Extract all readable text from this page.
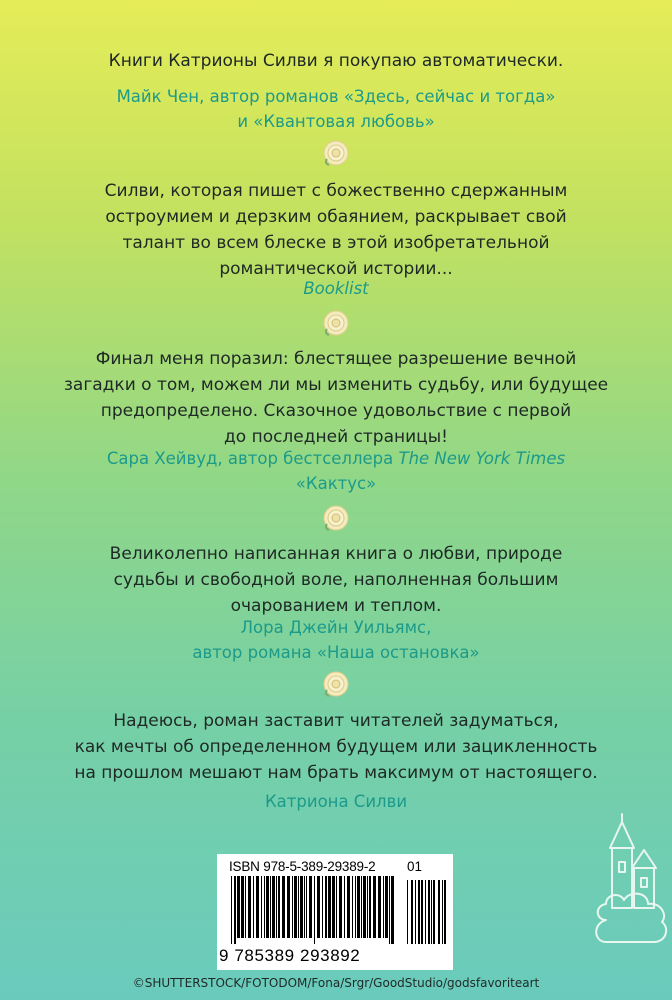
Книги Катрионы Силви я покупаю автоматически.
Майк Чен, автор романов «Здесь, сейчас и тогда»
и «Квантовая любовь»
Силви, которая пишет с божественно сдержанным
остроумием и дерзким обаянием, раскрывает свой
талант во всем блеске в этой изобретательной
романтической истории...
Booklist
Финал меня поразил: блестящее разрешение вечной
загадки о том, можем ли мы изменить судьбу, или будущее
предопределено. Сказочное удовольствие с первой
до последней страницы!
Сара Хейвуд, автор бестселлера The New York Times
«Кактус»
Великолепно написанная книга о любви, природе
судьбы и свободной воле, наполненная большим
очарованием и теплом.
Лора Джейн Уильямс,
автор романа «Наша остановка»
Надеюсь, роман заставит читателей задуматься,
как мечты об определенном будущем или зацикленность
на прошлом мешают нам брать максимум от настоящего.
Катриона Силви
ISBN 978-5-389-29389-2 01
9 785389 293892
©SHUTTERSTOCK/FOTODOM/Fona/Srgr/GoodStudio/godsfavoriteart
